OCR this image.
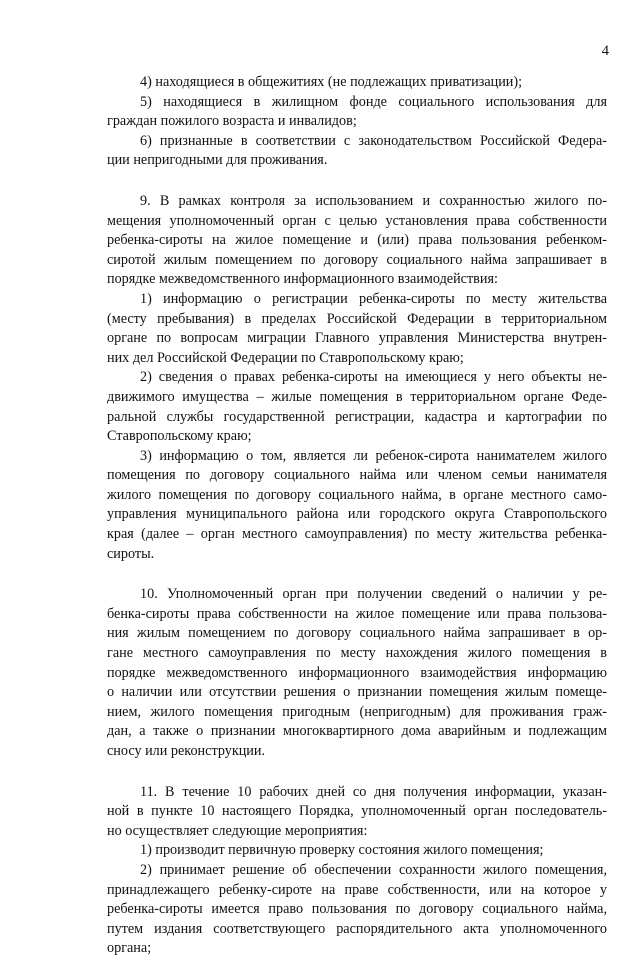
4
4) находящиеся в общежитиях (не подлежащих приватизации);
5) находящиеся в жилищном фонде социального использования для
граждан пожилого возраста и инвалидов;
6) признанные в соответствии с законодательством Российской Федера-
ции непригодными для проживания.
9. В рамках контроля за использованием и сохранностью жилого по-
мещения уполномоченный орган с целью установления права собственности
ребенка-сироты на жилое помещение и (или) права пользования ребенком-
сиротой жилым помещением по договору социального найма запрашивает в
порядке межведомственного информационного взаимодействия:
1) информацию о регистрации ребенка-сироты по месту жительства
(месту пребывания) в пределах Российской Федерации в территориальном
органе по вопросам миграции Главного управления Министерства внутрен-
них дел Российской Федерации по Ставропольскому краю;
2) сведения о правах ребенка-сироты на имеющиеся у него объекты не-
движимого имущества – жилые помещения в территориальном органе Феде-
ральной службы государственной регистрации, кадастра и картографии по
Ставропольскому краю;
3) информацию о том, является ли ребенок-сирота нанимателем жилого
помещения по договору социального найма или членом семьи нанимателя
жилого помещения по договору социального найма, в органе местного само-
управления муниципального района или городского округа Ставропольского
края (далее – орган местного самоуправления) по месту жительства ребенка-
сироты.
10. Уполномоченный орган при получении сведений о наличии у ре-
бенка-сироты права собственности на жилое помещение или права пользова-
ния жилым помещением по договору социального найма запрашивает в ор-
гане местного самоуправления по месту нахождения жилого помещения в
порядке межведомственного информационного взаимодействия информацию
о наличии или отсутствии решения о признании помещения жилым помеще-
нием, жилого помещения пригодным (непригодным) для проживания граж-
дан, а также о признании многоквартирного дома аварийным и подлежащим
сносу или реконструкции.
11. В течение 10 рабочих дней со дня получения информации, указан-
ной в пункте 10 настоящего Порядка, уполномоченный орган последователь-
но осуществляет следующие мероприятия:
1) производит первичную проверку состояния жилого помещения;
2) принимает решение об обеспечении сохранности жилого помещения,
принадлежащего ребенку-сироте на праве собственности, или на которое у
ребенка-сироты имеется право пользования по договору социального найма,
путем издания соответствующего распорядительного акта уполномоченного
органа;
